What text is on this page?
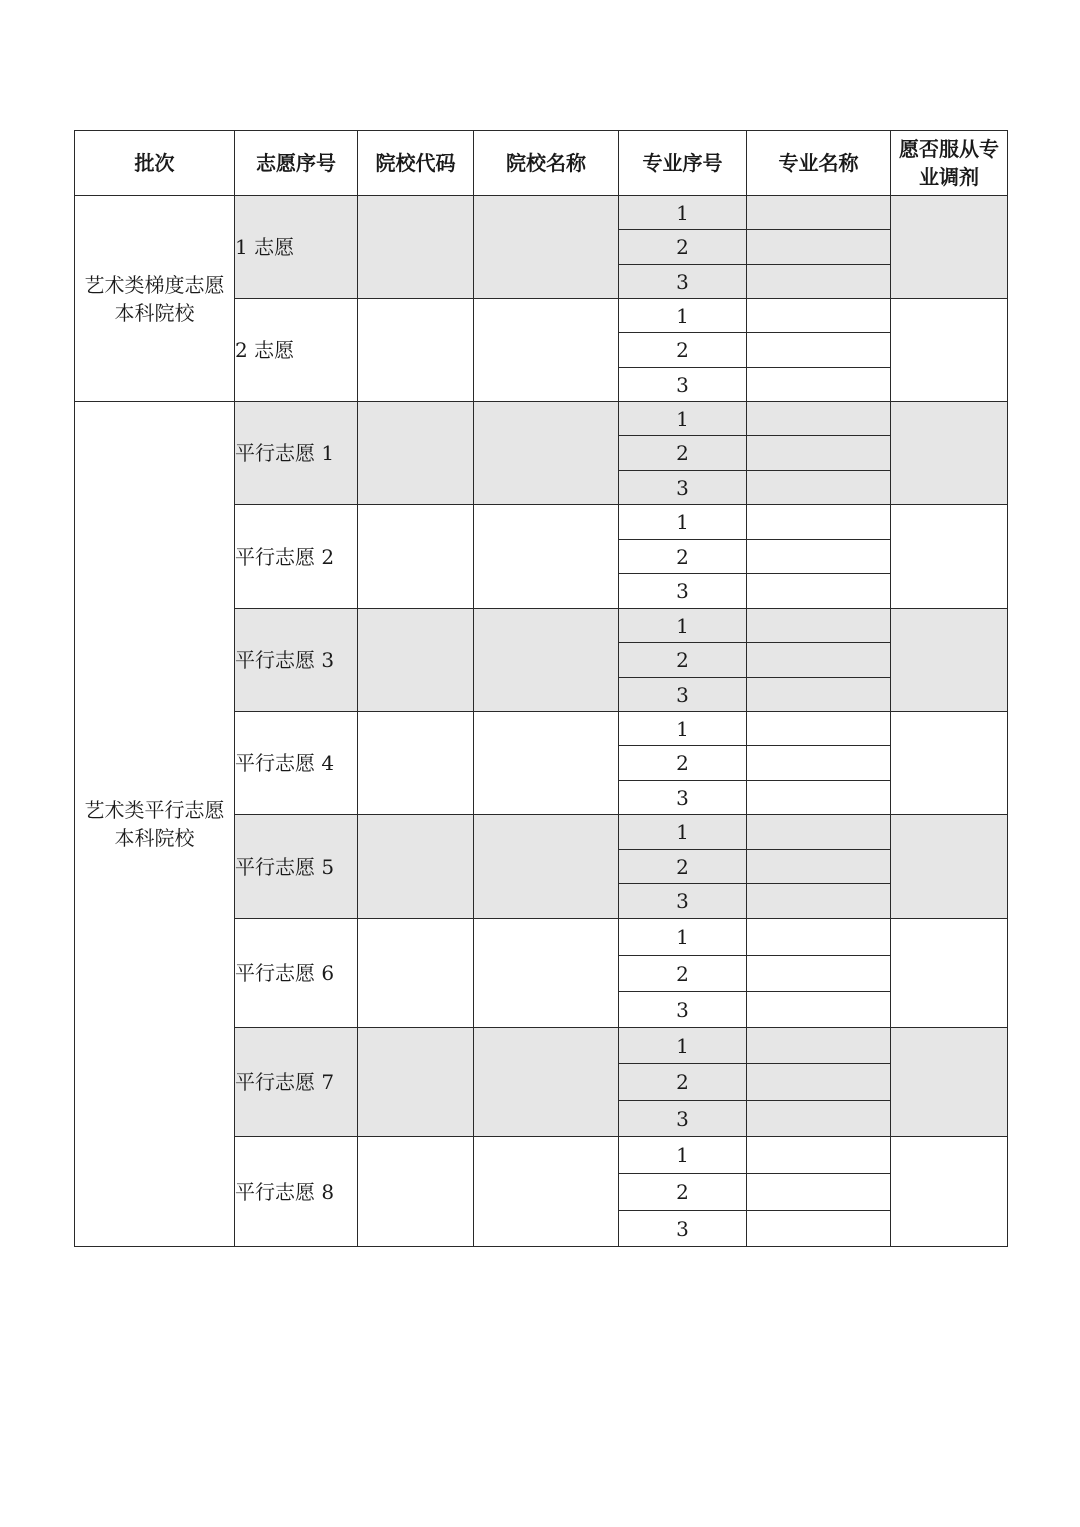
批次	志愿序号	院校代码	院校名称	专业序号	专业名称	愿否服从专业调剂
艺术类梯度志愿本科院校	1 志愿			1		
				2		
				3		
	2 志愿			1		
				2		
				3		
艺术类平行志愿本科院校	平行志愿 1			1		
				2		
				3		
	平行志愿 2			1		
				2		
				3		
	平行志愿 3			1		
				2		
				3		
	平行志愿 4			1		
				2		
				3		
	平行志愿 5			1		
				2		
				3		
	平行志愿 6			1		
				2		
				3		
	平行志愿 7			1		
				2		
				3		
	平行志愿 8			1		
				2		
				3		
